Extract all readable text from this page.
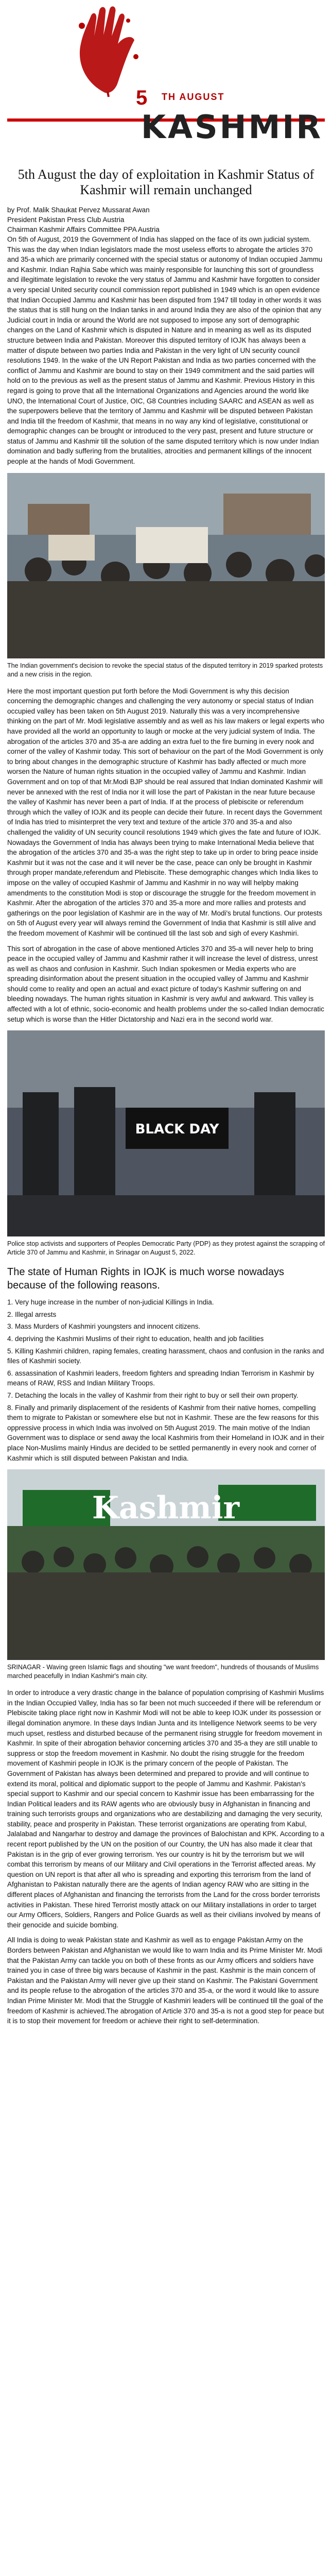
5 TH AUGUST
KASHMIR
5th August the day of exploitation in Kashmir Status of Kashmir will remain unchanged

by Prof. Malik Shaukat Pervez Mussarat Awan

President Pakistan Press Club Austria

Chairman Kashmir Affairs Committee PPA Austria

On 5th of August, 2019 the Government of India has slapped on the face of its own judicial system. This was the day when Indian legislators made the most useless efforts to abrogate the articles 370 and 35-a which are primarily concerned with the special status or autonomy of Indian occupied Jammu and Kashmir. Indian Rajhia Sabe which was mainly responsible for launching this sort of groundless and illegitimate legislation to revoke the very status of Jammu and Kashmir have forgotten to consider a very special United security council commission report published in 1949 which is an open evidence that Indian Occupied Jammu and Kashmir has been disputed from 1947 till today in other words it was the status that is still hung on the Indian tanks in and around India they are also of the opinion that any Judicial court in India or around the World are not supposed to impose any sort of demographic changes on the Land of Kashmir which is disputed in Nature and in meaning as well as its disputed structure between India and Pakistan. Moreover this disputed territory of IOJK has always been a matter of dispute between two parties India and Pakistan in the very light of UN security council resolutions 1949. In the wake of the UN Report Pakistan and India as two parties concerned with the conflict of Jammu and Kashmir are bound to stay on their 1949 commitment and the said parties will hold on to the previous as well as the present status of Jammu and Kashmir. Previous History in this regard is going to prove that all the International Organizations and Agencies around the world like UNO, the International Court of Justice, OIC, G8 Countries including SAARC and ASEAN as well as the superpowers believe that the territory of Jammu and Kashmir will be disputed between Pakistan and India till the freedom of Kashmir, that means in no way any kind of legislative, constitutional or demographic changes can be brought or introduced to the very past, present and future structure or status of Jammu and Kashmir till the solution of the same disputed territory which is now under Indian domination and badly suffering from the brutalities, atrocities and permanent killings of the innocent people at the hands of Modi Government.

The Indian government's decision to revoke the special status of the disputed territory in 2019 sparked protests and a new crisis in the region.

Here the most important question put forth before the Modi Government is why this decision concerning the demographic changes and challenging the very autonomy or special status of Indian occupied valley has been taken on 5th August 2019. Naturally this was a very incomprehensive thinking on the part of Mr. Modi legislative assembly and as well as his law makers or legal experts who have provided all the world an opportunity to laugh or mocke at the very judicial system of India. The abrogation of the articles 370 and 35-a are adding an extra fuel to the fire burning in every nook and corner of the valley of Kashmir today. This sort of behaviour on the part of the Modi Government is only to bring about changes in the demographic structure of Kashmir has badly affected or much more worsen the Nature of human rights situation in the occupied valley of Jammu and Kashmir. Indian Government and on top of that Mr.Modi BJP should be real assured that Indian dominated Kashmir will never be annexed with the rest of India nor it will lose the part of Pakistan in the near future because the valley of Kashmir has never been a part of India. If at the process of plebiscite or referendum through which the valley of IOJK and its people can decide their future. In recent days the Government of India has tried to misinterpret the very text and texture of the article 370 and 35-a and also challenged the validity of UN security council resolutions 1949 which gives the fate and future of IOJK. Nowadays the Government of India has always been trying to make International Media believe that the abrogation of the articles 370 and 35-a was the right step to take up in order to bring peace inside Kashmir but it was not the case and it will never be the case, peace can only be brought in Kashmir through proper mandate,referendum and Plebiscite. These demographic changes which India likes to impose on the valley of occupied Kashmir of Jammu and Kashmir in no way will helpby making amendments to the constitution Modi is stop or discourage the struggle for the freedom movement in Kashmir. After the abrogation of the articles 370 and 35-a more and more rallies and protests and gatherings on the poor legislation of Kashmir are in the way of Mr. Modi's brutal functions. Our protests on 5th of August every year will always remind the Government of India that Kashmir is still alive and the freedom movement of Kashmir will be continued till the last sob and sigh of every Kashmiri.

This sort of abrogation in the case of above mentioned Articles 370 and 35-a will never help to bring peace in the occupied valley of Jammu and Kashmir rather it will increase the level of distress, unrest as well as chaos and confusion in Kashmir. Such Indian spokesmen or Media experts who are spreading disinformation about the present situation in the occupied valley of Jammu and Kashmir should come to reality and open an actual and exact picture of today's Kashmir suffering on and bleeding nowadays. The human rights situation in Kashmir is very awful and awkward. This valley is affected with a lot of ethnic, socio-economic and health problems under the so-called Indian democratic setup which is worse than the Hitler Dictatorship and Nazi era in the second world war.

BLACK DAY

Police stop activists and supporters of Peoples Democratic Party (PDP) as they protest against the scrapping of Article 370 of Jammu and Kashmir, in Srinagar on August 5, 2022.

The state of Human Rights in IOJK is much worse nowadays because of the following reasons.

1. Very huge increase in the number of non-judicial Killings in India.

2. Illegal arrests

3. Mass Murders of Kashmiri youngsters and innocent citizens.

4. depriving the Kashmiri Muslims of their right to education, health and job facilities

5. Killing Kashmiri children, raping females, creating harassment, chaos and confusion in the ranks and files of Kashmiri society.

6. assassination of Kashmiri leaders, freedom fighters and spreading Indian Terrorism in Kashmir by means of RAW, RSS and Indian Military Troops.

7. Detaching the locals in the valley of Kashmir from their right to buy or sell their own property.

8. Finally and primarily displacement of the residents of Kashmir from their native homes, compelling them to migrate to Pakistan or somewhere else but not in Kashmir. These are the few reasons for this oppressive process in which India was involved on 5th August 2019. The main motive of the Indian Government was to displace or send away the local Kashmiris from their Homeland in IOJK and in their place Non-Muslims mainly Hindus are decided to be settled permanently in every nook and corner of Kashmir which is still disputed between Pakistan and India.

Kashmir

SRINAGAR - Waving green Islamic flags and shouting "we want freedom", hundreds of thousands of Muslims marched peacefully in Indian Kashmir's main city.

In order to introduce a very drastic change in the balance of population comprising of Kashmiri Muslims in the Indian Occupied Valley, India has so far been not much succeeded if there will be referendum or Plebiscite taking place right now in Kashmir Modi will not be able to keep IOJK under its possession or illegal domination anymore. In these days Indian Junta and its Intelligence Network seems to be very much upset, restless and disturbed because of the permanent rising struggle for freedom movement in Kashmir. In spite of their abrogation behavior concerning articles 370 and 35-a they are still unable to suppress or stop the freedom movement in Kashmir. No doubt the rising struggle for the freedom movement of Kashmiri people in IOJK is the primary concern of the people of Pakistan. The Government of Pakistan has always been determined and prepared to provide and will continue to extend its moral, political and diplomatic support to the people of Jammu and Kashmir. Pakistan's special support to Kashmir and our special concern to Kashmir issue has been embarrassing for the Indian Political leaders and its RAW agents who are obviously busy in Afghanistan in financing and training such terrorists groups and organizations who are destabilizing and damaging the very security, stability, peace and prosperity in Pakistan. These terrorist organizations are operating from Kabul, Jalalabad and Nangarhar to destroy and damage the provinces of Balochistan and KPK. According to a recent report published by the UN on the position of our Country, the UN has also made it clear that Pakistan is in the grip of ever growing terrorism. Yes our country is hit by the terrorism but we will combat this terrorism by means of our Military and Civil operations in the Terrorist affected areas. My question on UN report is that after all who is spreading and exporting this terrorism from the land of Afghanistan to Pakistan naturally there are the agents of Indian agency RAW who are sitting in the different places of Afghanistan and financing the terrorists from the Land for the cross border terrorists activities in Pakistan. These hired Terrorist mostly attack on our Military installations in order to target our Army Officers, Soldiers, Rangers and Police Guards as well as their civilians involved by means of their genocide and suicide bombing.

All India is doing to weak Pakistan state and Kashmir as well as to engage Pakistan Army on the Borders between Pakistan and Afghanistan we would like to warn India and its Prime Minister Mr. Modi that the Pakistan Army can tackle you on both of these fronts as our Army officers and soldiers have trained you in case of three big wars because of Kashmir in the past. Kashmir is the main concern of Pakistan and the Pakistan Army will never give up their stand on Kashmir. The Pakistani Government and its people refuse to the abrogation of the articles 370 and 35-a, or the word it would like to assure Indian Prime Minister Mr. Modi that the Struggle of Kashmiri leaders will be continued till the goal of the freedom of Kashmir is achieved.The abrogation of Article 370 and 35-a is not a good step for peace but it is to stop their movement for freedom or achieve their right to self-determination.
